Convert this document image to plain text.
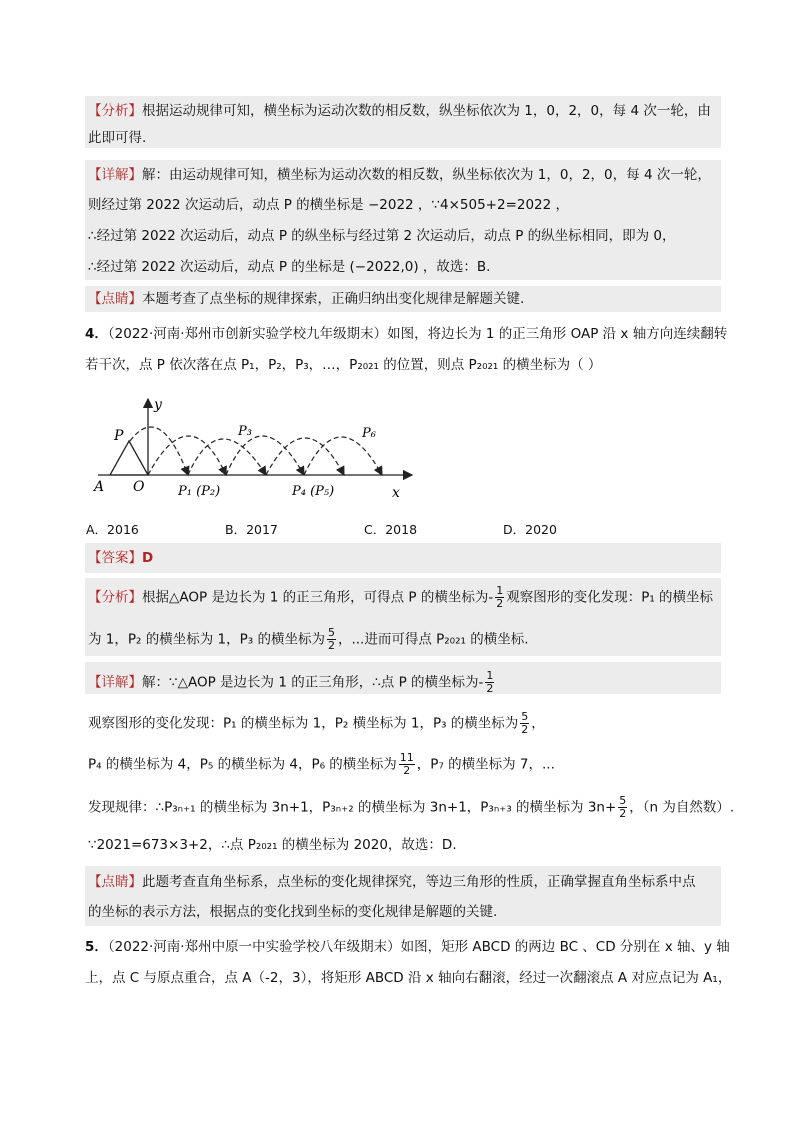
【分析】根据运动规律可知，横坐标为运动次数的相反数，纵坐标依次为 1，0，2，0，每 4 次一轮，由
此即可得.
【详解】解：由运动规律可知，横坐标为运动次数的相反数，纵坐标依次为 1，0，2，0，每 4 次一轮，
则经过第 2022 次运动后，动点 P 的横坐标是 −2022 ，∵4×505+2=2022 ，
∴经过第 2022 次运动后，动点 P 的纵坐标与经过第 2 次运动后，动点 P 的纵坐标相同，即为 0，
∴经过第 2022 次运动后，动点 P 的坐标是 (−2022,0) ，故选：B.
【点睛】本题考查了点坐标的规律探索，正确归纳出变化规律是解题关键.
4．（2022·河南·郑州市创新实验学校九年级期末）如图，将边长为 1 的正三角形 OAP 沿 x 轴方向连续翻转
若干次，点 P 依次落在点 P₁，P₂，P₃，…，P₂₀₂₁ 的位置，则点 P₂₀₂₁ 的横坐标为（ ）
y
x
P
A O	P₁ (P₂)
P₃
P₄ (P₅)
P₆
A．2016	B．2017	C．2018	D．2020
【答案】D
【分析】根据△AOP 是边长为 1 的正三角形，可得点 P 的横坐标为- $\frac{1}{2}$ 观察图形的变化发现：P₁ 的横坐标
为 1，P₂ 的横坐标为 1，P₃ 的横坐标为 $\frac{5}{2}$ ，...进而可得点 P₂₀₂₁ 的横坐标.
【详解】解：∵△AOP 是边长为 1 的正三角形，∴点 P 的横坐标为- $\frac{1}{2}$
观察图形的变化发现：P₁ 的横坐标为 1，P₂ 横坐标为 1，P₃ 的横坐标为 $\frac{5}{2}$ ，
P₄ 的横坐标为 4，P₅ 的横坐标为 4，P₆ 的横坐标为 $\frac{11}{2}$ ，P₇ 的横坐标为 7，...
发现规律：∴P₃ₙ₊₁ 的横坐标为 3n+1，P₃ₙ₊₂ 的横坐标为 3n+1，P₃ₙ₊₃ 的横坐标为 $3n+ \frac{5}{2}$ ，（n 为自然数）.
∵2021=673×3+2，∴点 P₂₀₂₁ 的横坐标为 2020，故选：D.
【点睛】此题考查直角坐标系，点坐标的变化规律探究，等边三角形的性质，正确掌握直角坐标系中点
的坐标的表示方法，根据点的变化找到坐标的变化规律是解题的关键.
5．（2022·河南·郑州中原一中实验学校八年级期末）如图，矩形 ABCD 的两边 BC 、CD 分别在 x 轴、y 轴
上，点 C 与原点重合，点 A（-2，3），将矩形 ABCD 沿 x 轴向右翻滚，经过一次翻滚点 A 对应点记为 A₁，
